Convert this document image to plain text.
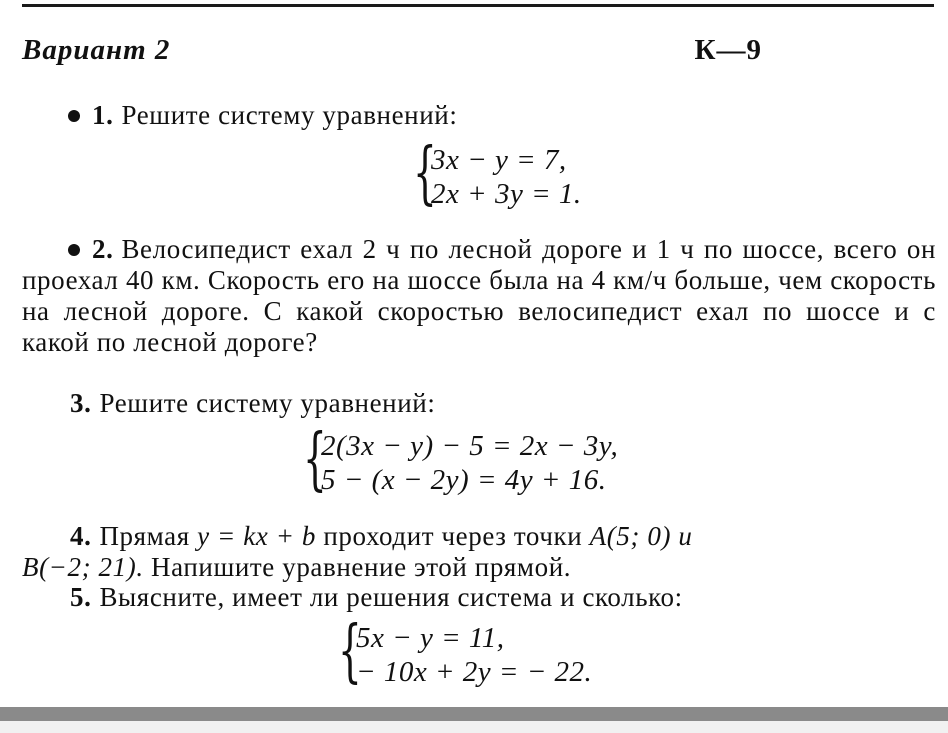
Вариант 2	К—9
1. Решите систему уравнений:
{
3x − y = 7,
2x + 3y = 1.
2. Велосипедист ехал 2 ч по лесной дороге и 1 ч по шоссе, всего он проехал 40 км. Скорость его на шоссе была на 4 км/ч больше, чем скорость на лесной дороге. С какой скоростью велосипедист ехал по шоссе и с какой по лесной дороге?
3. Решите систему уравнений:
{
2(3x − y) − 5 = 2x − 3y,
5 − (x − 2y) = 4y + 16.
4. Прямая y = kx + b проходит через точки A(5; 0) и
B(−2; 21). Напишите уравнение этой прямой.
5. Выясните, имеет ли решения система и сколько:
{
5x − y = 11,
− 10x + 2y = − 22.
